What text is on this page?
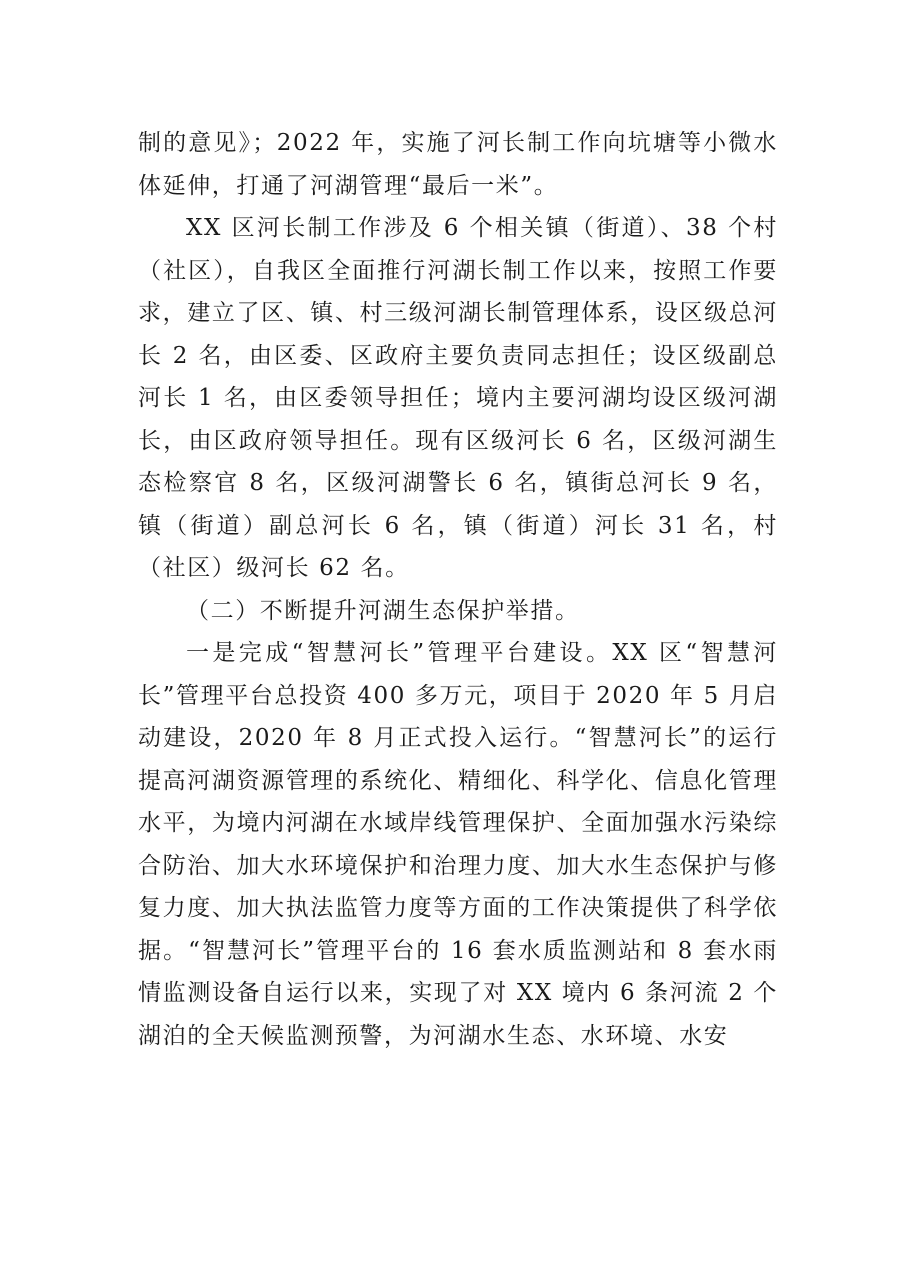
制的意见》；2022 年，实施了河长制工作向坑塘等小微水体延伸，打通了河湖管理“最后一米”。

XX 区河长制工作涉及 6 个相关镇（街道）、38 个村（社区），自我区全面推行河湖长制工作以来，按照工作要求，建立了区、镇、村三级河湖长制管理体系，设区级总河长 2 名，由区委、区政府主要负责同志担任；设区级副总河长 1 名，由区委领导担任；境内主要河湖均设区级河湖长，由区政府领导担任。现有区级河长 6 名，区级河湖生态检察官 8 名，区级河湖警长 6 名，镇街总河长 9 名，镇（街道）副总河长 6 名，镇（街道）河长 31 名，村（社区）级河长 62 名。

（二）不断提升河湖生态保护举措。

一是完成“智慧河长”管理平台建设。XX 区“智慧河长”管理平台总投资 400 多万元，项目于 2020 年 5 月启动建设，2020 年 8 月正式投入运行。“智慧河长”的运行提高河湖资源管理的系统化、精细化、科学化、信息化管理水平，为境内河湖在水域岸线管理保护、全面加强水污染综合防治、加大水环境保护和治理力度、加大水生态保护与修复力度、加大执法监管力度等方面的工作决策提供了科学依据。“智慧河长”管理平台的 16 套水质监测站和 8 套水雨情监测设备自运行以来，实现了对 XX 境内 6 条河流 2 个湖泊的全天候监测预警，为河湖水生态、水环境、水安
